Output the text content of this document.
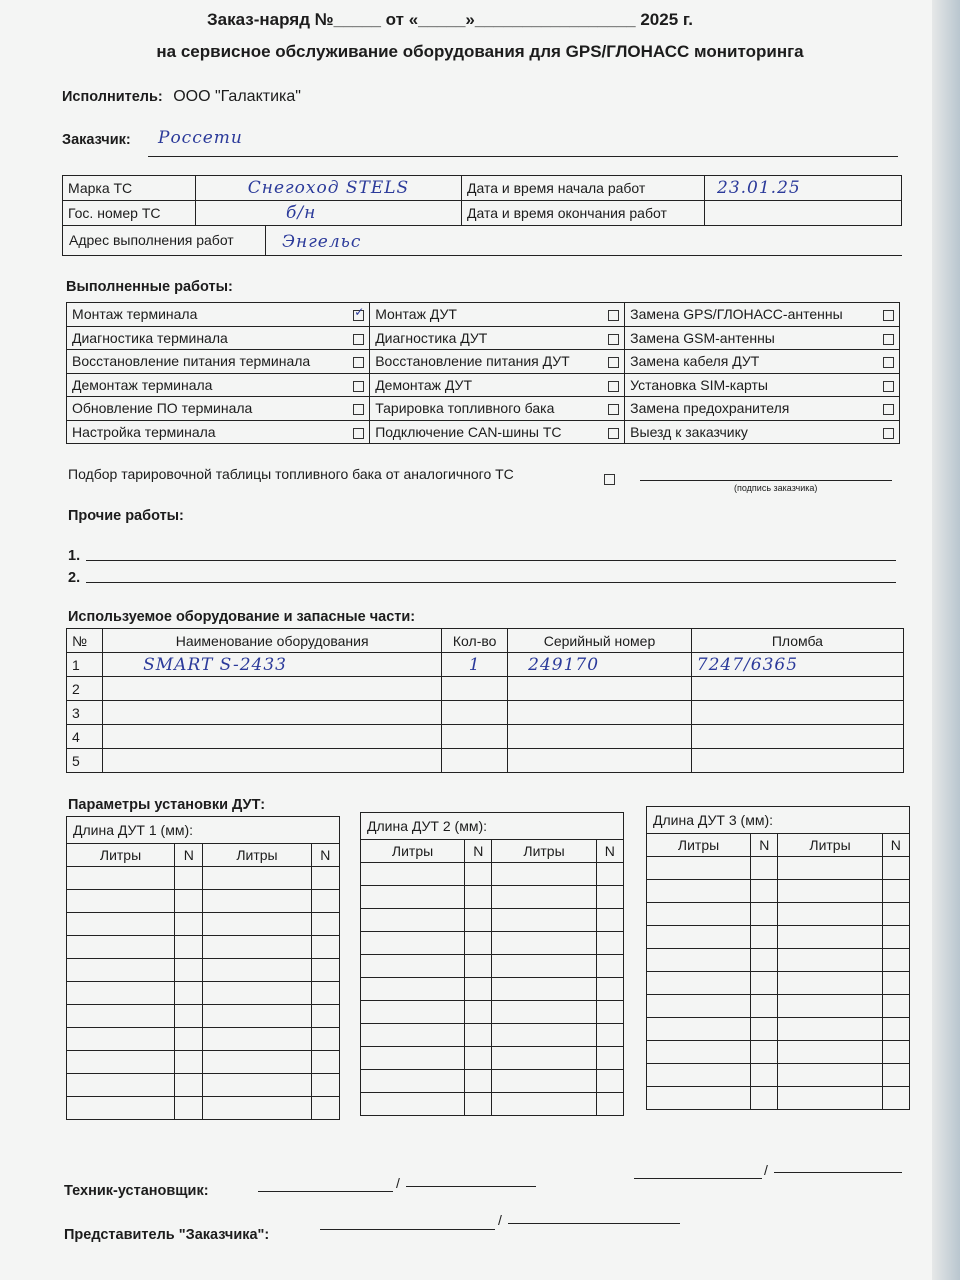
Заказ-наряд №_____ от «_____»_________________ 2025 г.
на сервисное обслуживание оборудования для GPS/ГЛОНАСС мониторинга
Исполнитель: ООО "Галактика"
Заказчик: Россети
Марка ТС	Снегоход STELS	Дата и время начала работ	23.01.25
Гос. номер ТС	б/н	Дата и время окончания работ	
Адрес выполнения работ	Энгельс
Выполненные работы:
Монтаж терминала	✓	Монтаж ДУТ		Замена GPS/ГЛОНАСС-антенны	
Диагностика терминала		Диагностика ДУТ		Замена GSM-антенны	
Восстановление питания терминала		Восстановление питания ДУТ		Замена кабеля ДУТ	
Демонтаж терминала		Демонтаж ДУТ		Установка SIM-карты	
Обновление ПО терминала		Тарировка топливного бака		Замена предохранителя	
Настройка терминала		Подключение CAN-шины ТС		Выезд к заказчику	
Подбор тарировочной таблицы топливного бака от аналогичного ТС
(подпись заказчика)
Прочие работы:
1.
2.
Используемое оборудование и запасные части:
№	Наименование оборудования	Кол-во	Серийный номер	Пломба
1	SMART S-2433	1	249170	7247/6365
2				
3				
4				
5				
Параметры установки ДУТ:
Длина ДУТ 1 (мм):			
Литры	N	Литры	N

Длина ДУТ 2 (мм):			
Литры	N	Литры	N

Длина ДУТ 3 (мм):			
Литры	N	Литры	N

Техник-установщик:	/
/
Представитель "Заказчика":
/
